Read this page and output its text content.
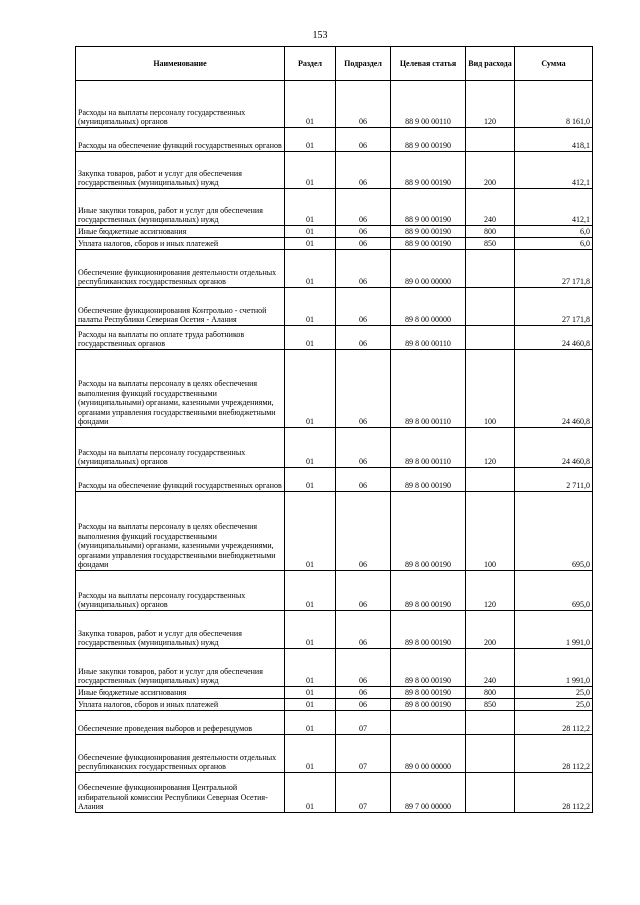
153
Наименование	Раздел	Подраздел	Целевая статья	Вид расхода	Сумма
Расходы на выплаты персоналу государственных (муниципальных) органов	01	06	88 9 00 00110	120	8 161,0
Расходы на обеспечение функций государственных органов	01	06	88 9 00 00190		418,1
Закупка товаров, работ и услуг для обеспечения государственных (муниципальных) нужд	01	06	88 9 00 00190	200	412,1
Иные закупки товаров, работ и услуг для обеспечения государственных (муниципальных) нужд	01	06	88 9 00 00190	240	412,1
Иные бюджетные ассигнования	01	06	88 9 00 00190	800	6,0
Уплата налогов, сборов и иных платежей	01	06	88 9 00 00190	850	6,0
Обеспечение функционирования деятельности отдельных республиканских государственных органов	01	06	89 0 00 00000		27 171,8
Обеспечение функционирования Контрольно - счетной палаты Республики Северная Осетия - Алания	01	06	89 8 00 00000		27 171,8
Расходы на выплаты по оплате труда работников государственных органов	01	06	89 8 00 00110		24 460,8
Расходы на выплаты персоналу в целях обеспечения выполнения функций государственными (муниципальными) органами, казенными учреждениями, органами управления государственными внебюджетными фондами	01	06	89 8 00 00110	100	24 460,8
Расходы на выплаты персоналу государственных (муниципальных) органов	01	06	89 8 00 00110	120	24 460,8
Расходы на обеспечение функций государственных органов	01	06	89 8 00 00190		2 711,0
Расходы на выплаты персоналу в целях обеспечения выполнения функций государственными (муниципальными) органами, казенными учреждениями, органами управления государственными внебюджетными фондами	01	06	89 8 00 00190	100	695,0
Расходы на выплаты персоналу государственных (муниципальных) органов	01	06	89 8 00 00190	120	695,0
Закупка товаров, работ и услуг для обеспечения государственных (муниципальных) нужд	01	06	89 8 00 00190	200	1 991,0
Иные закупки товаров, работ и услуг для обеспечения государственных (муниципальных) нужд	01	06	89 8 00 00190	240	1 991,0
Иные бюджетные ассигнования	01	06	89 8 00 00190	800	25,0
Уплата налогов, сборов и иных платежей	01	06	89 8 00 00190	850	25,0
Обеспечение проведения выборов и референдумов	01	07			28 112,2
Обеспечение функционирования деятельности отдельных республиканских государственных органов	01	07	89 0 00 00000		28 112,2
Обеспечение функционирования Центральной избирательной комиссии Республики Северная Осетия-Алания	01	07	89 7 00 00000		28 112,2
